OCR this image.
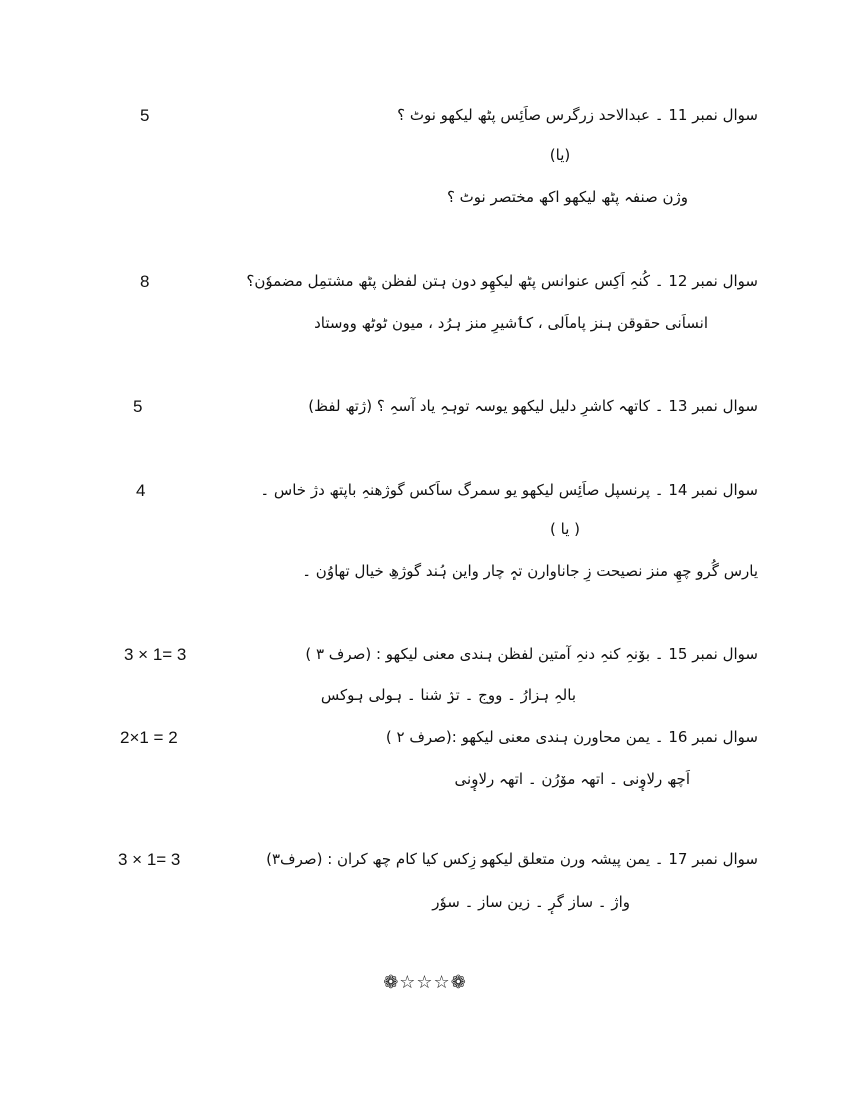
5	سوال نمبر 11 ۔ عبدالاحد زرگرس صاَئِس پٹھ لیکھو نوٹ ؟
(یا)
وژن صنفہ پٹھ لیکھو اکھ مختصر نوٹ ؟
8	سوال نمبر 12 ۔ کُنہِ اَکِس عنوانس پٹھ لیکھِو دون ہتن لفظن پٹھ مشتمِل مضموٗن؟
انساَنی حقوقن ہنز پاماَلی ، کٲشیرِ منز ہرُد ، میون ٹوٹھ ووستاد
5	سوال نمبر 13 ۔ کاتھہ کاشرِ دلیل لیکھو یوسہ توہہِ یاد آسہِ ؟ (ژتھ لفظ)
4	سوال نمبر 14 ۔ پرنسپل صاَئِس لیکھو یو سمرگ ساَکس گوژھنہِ باپتھ دژ خاس ۔
( یا )
یارس گُرو چھِ منز نصیحت زِ جاناوارن تہٕ چار واین ہُند گوژھِ خیال تھاوُن ۔
3 × 1= 3	سوال نمبر 15 ۔ بوٚنہِ کنہِ دنہِ آمتین لفظن ہندی معنی لیکھو : (صرف ۳ )
بالہِ ہزارُ ۔ ووج ۔ ترٛ شنا ۔ ہولی ہوکس
2×1 = 2	سوال نمبر 16 ۔ یمن محاورن ہندی معنی لیکھو :(صرف ۲ )
اَچھ رلاوٕنی ۔ اتھہ موٚرُن ۔ اتھہ رلاوٕنی
3 × 1= 3	سوال نمبر 17 ۔ یمن پیشہ ورن متعلق لیکھو زِکس کیا کام چھ کران : (صرف۳)
واژ ۔ ساز گرٕ ۔ زین ساز ۔ سوٗر
❁☆☆☆❁
